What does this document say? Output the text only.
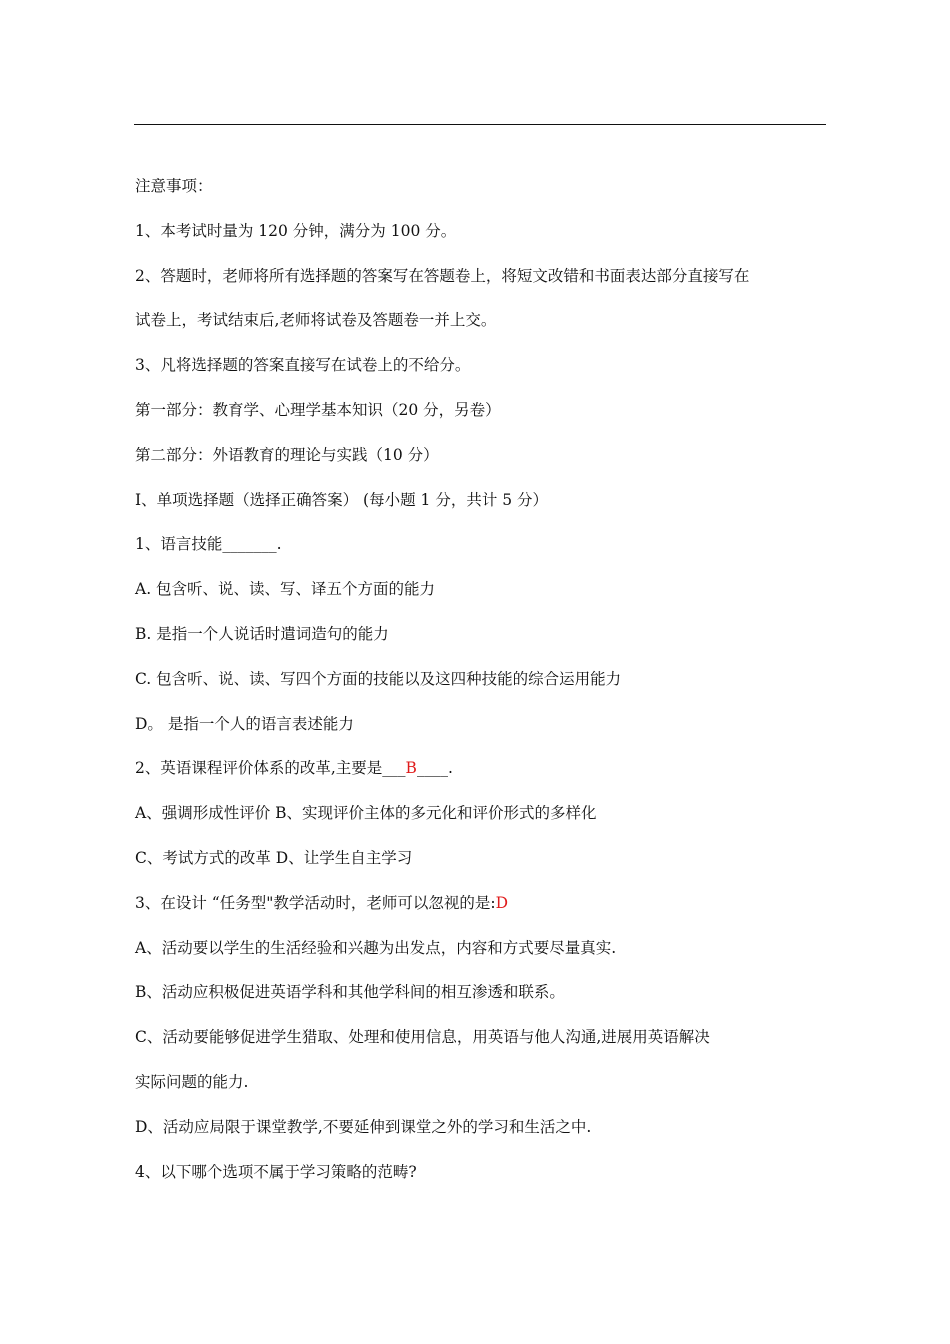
注意事项：
1、本考试时量为 120 分钟，满分为 100 分。
2、答题时，老师将所有选择题的答案写在答题卷上，将短文改错和书面表达部分直接写在
试卷上，考试结束后,老师将试卷及答题卷一并上交。
3、凡将选择题的答案直接写在试卷上的不给分。
第一部分：教育学、心理学基本知识（20 分，另卷）
第二部分：外语教育的理论与实践（10 分）
I、单项选择题（选择正确答案） (每小题 1 分，共计 5 分）
1、语言技能_______.
A. 包含听、说、读、写、译五个方面的能力
B. 是指一个人说话时遣词造句的能力
C. 包含听、说、读、写四个方面的技能以及这四种技能的综合运用能力
D。 是指一个人的语言表述能力
2、英语课程评价体系的改革,主要是___B____.
A、强调形成性评价 B、实现评价主体的多元化和评价形式的多样化
C、考试方式的改革 D、让学生自主学习
3、在设计 “任务型"教学活动时，老师可以忽视的是:D
A、活动要以学生的生活经验和兴趣为出发点，内容和方式要尽量真实.
B、活动应积极促进英语学科和其他学科间的相互渗透和联系。
C、活动要能够促进学生猎取、处理和使用信息，用英语与他人沟通,进展用英语解决
实际问题的能力.
D、活动应局限于课堂教学,不要延伸到课堂之外的学习和生活之中.
4、以下哪个选项不属于学习策略的范畴?
